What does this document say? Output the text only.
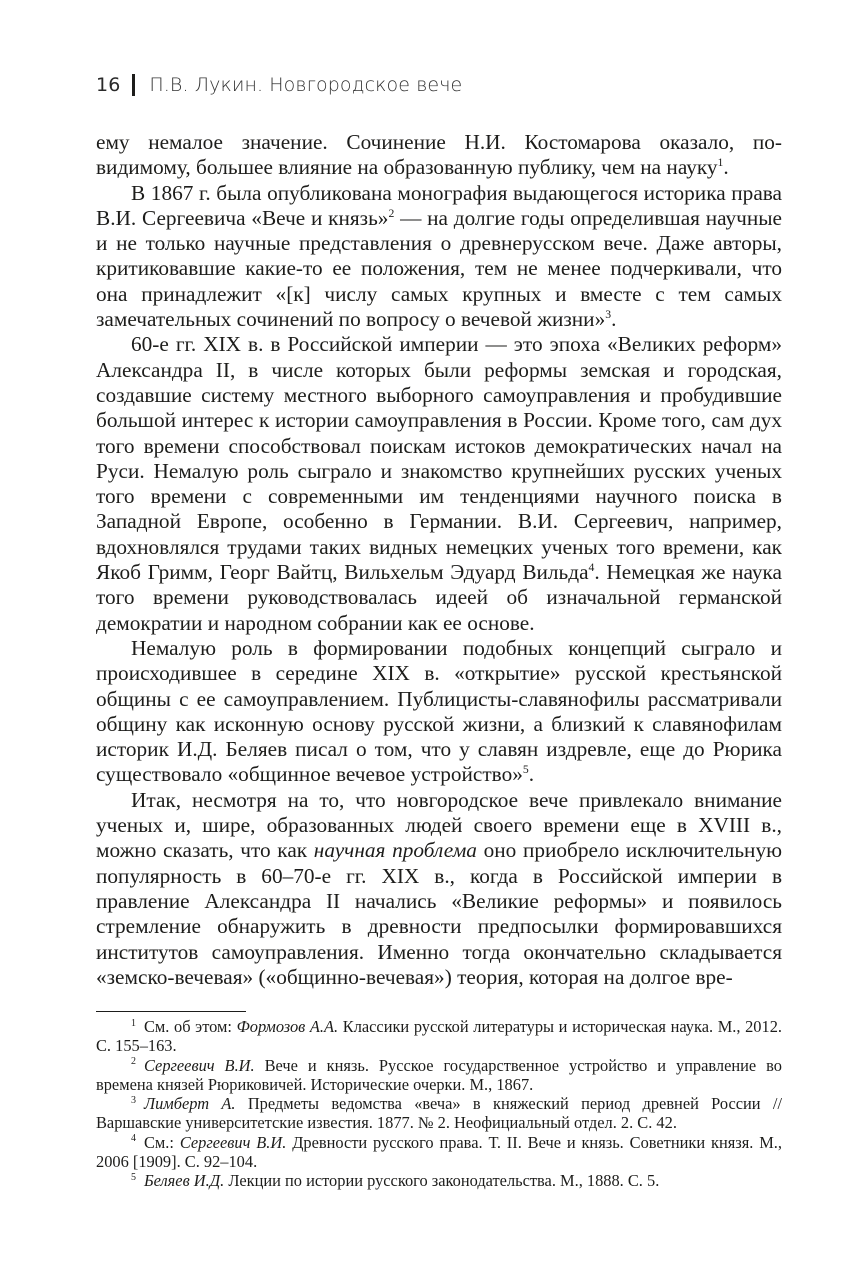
16 П.В. Лукин. Новгородское вече

ему немалое значение. Сочинение Н.И. Костомарова оказало, по-видимому, большее влияние на образованную публику, чем на науку$^1$.

В 1867 г. была опубликована монография выдающегося историка права В.И. Сергеевича «Вече и князь»$^2$ — на долгие годы определившая научные и не только научные представления о древнерусском вече. Даже авторы, критиковавшие какие-то ее положения, тем не менее подчеркивали, что она принадлежит «[к] числу самых крупных и вместе с тем самых замечательных сочинений по вопросу о вечевой жизни»$^3$.

60-е гг. XIX в. в Российской империи — это эпоха «Великих реформ» Александра II, в числе которых были реформы земская и городская, создавшие систему местного выборного самоуправления и пробудившие большой интерес к истории самоуправления в России. Кроме того, сам дух того времени способствовал поискам истоков демократических начал на Руси. Немалую роль сыграло и знакомство крупнейших русских ученых того времени с современными им тенденциями научного поиска в Западной Европе, особенно в Германии. В.И. Сергеевич, например, вдохновлялся трудами таких видных немецких ученых того времени, как Якоб Гримм, Георг Вайтц, Вильхельм Эдуард Вильда$^4$. Немецкая же наука того времени руководствовалась идеей об изначальной германской демократии и народном собрании как ее основе.

Немалую роль в формировании подобных концепций сыграло и происходившее в середине XIX в. «открытие» русской крестьянской общины с ее самоуправлением. Публицисты-славянофилы рассматривали общину как исконную основу русской жизни, а близкий к славянофилам историк И.Д. Беляев писал о том, что у славян издревле, еще до Рюрика существовало «общинное вечевое устройство»$^5$.

Итак, несмотря на то, что новгородское вече привлекало внимание ученых и, шире, образованных людей своего времени еще в XVIII в., можно сказать, что как научная проблема оно приобрело исключительную популярность в 60–70-е гг. XIX в., когда в Российской империи в правление Александра II начались «Великие реформы» и появилось стремление обнаружить в древности предпосылки формировавшихся институтов самоуправления. Именно тогда окончательно складывается «земско-вечевая» («общинно-вечевая») теория, которая на долгое вре-

$^1$ См. об этом: Формозов А.А. Классики русской литературы и историческая наука. М., 2012. С. 155–163.

$^2$ Сергеевич В.И. Вече и князь. Русское государственное устройство и управление во времена князей Рюриковичей. Исторические очерки. М., 1867.

$^3$ Лимберт А. Предметы ведомства «веча» в княжеский период древней России // Варшавские университетские известия. 1877. № 2. Неофициальный отдел. 2. С. 42.

$^4$ См.: Сергеевич В.И. Древности русского права. Т. II. Вече и князь. Советники князя. М., 2006 [1909]. С. 92–104.

$^5$ Беляев И.Д. Лекции по истории русского законодательства. М., 1888. С. 5.
